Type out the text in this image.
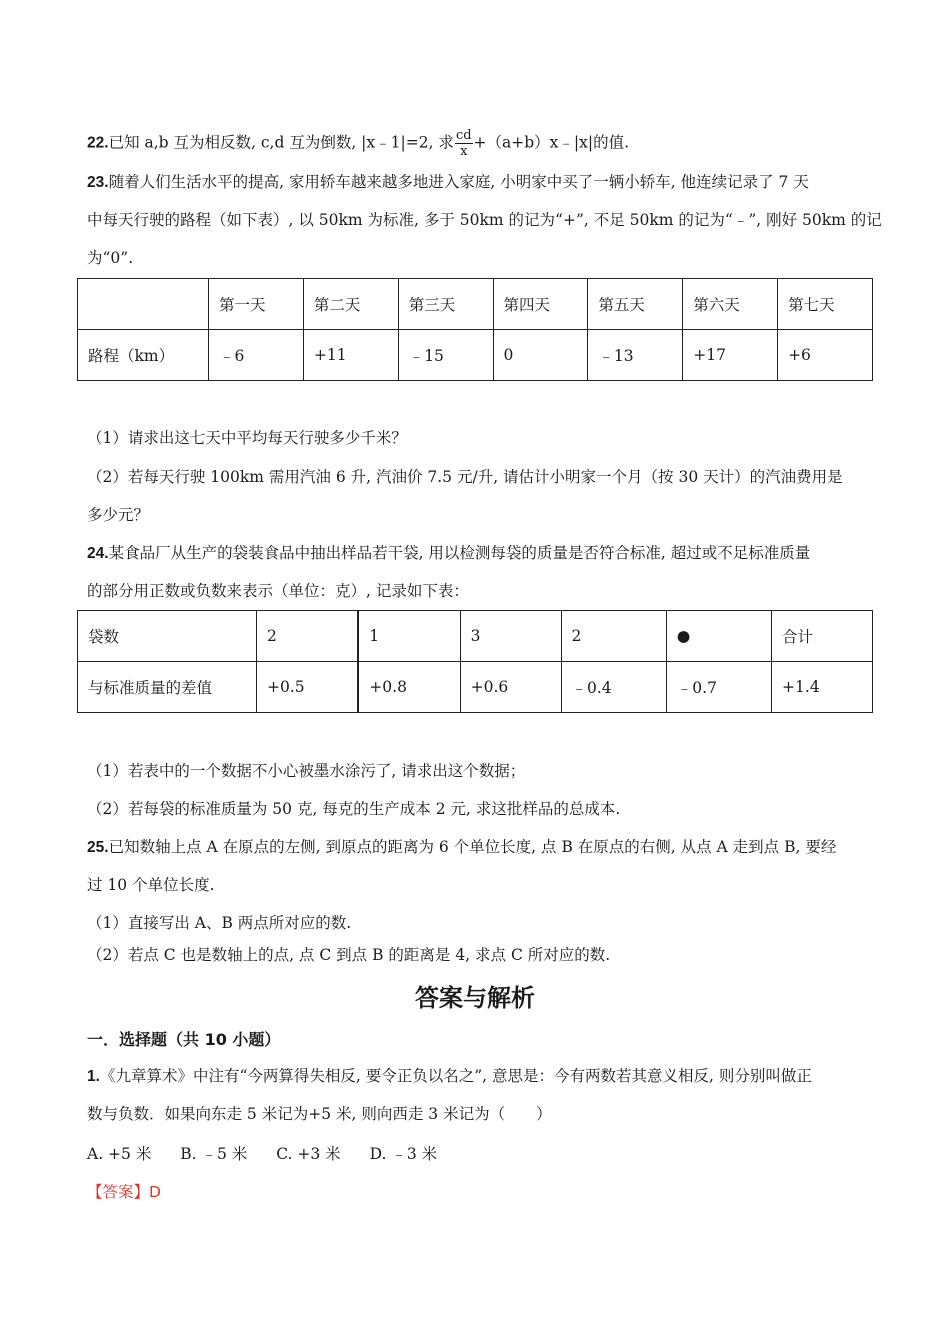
22.已知 a,b 互为相反数, c,d 互为倒数, |x﹣1|=2, 求 $\frac{cd}{x}$ +（a+b）x﹣|x|的值.
23.随着人们生活水平的提高, 家用轿车越来越多地进入家庭, 小明家中买了一辆小轿车, 他连续记录了 7 天
中每天行驶的路程（如下表）, 以 50km 为标准, 多于 50km 的记为“+”, 不足 50km 的记为“﹣”, 刚好 50km 的记
为“0”.
	第一天	第二天	第三天	第四天	第五天	第六天	第七天
路程（km）	﹣6	+11	﹣15	0	﹣13	+17	+6
（1）请求出这七天中平均每天行驶多少千米？
（2）若每天行驶 100km 需用汽油 6 升, 汽油价 7.5 元/升, 请估计小明家一个月（按 30 天计）的汽油费用是
多少元？
24.某食品厂从生产的袋装食品中抽出样品若干袋, 用以检测每袋的质量是否符合标准, 超过或不足标准质量
的部分用正数或负数来表示（单位：克）, 记录如下表：
袋数	2	1	3	2	●	合计
与标准质量的差值	+0.5	+0.8	+0.6	﹣0.4	﹣0.7	+1.4
（1）若表中的一个数据不小心被墨水涂污了, 请求出这个数据；
（2）若每袋的标准质量为 50 克, 每克的生产成本 2 元, 求这批样品的总成本.
25.已知数轴上点 A 在原点的左侧, 到原点的距离为 6 个单位长度, 点 B 在原点的右侧, 从点 A 走到点 B, 要经
过 10 个单位长度.
（1）直接写出 A、B 两点所对应的数.
（2）若点 C 也是数轴上的点, 点 C 到点 B 的距离是 4, 求点 C 所对应的数.
答案与解析
一．选择题（共 10 小题）
1.《九章算术》中注有“今两算得失相反, 要令正负以名之”, 意思是：今有两数若其意义相反, 则分别叫做正
数与负数．如果向东走 5 米记为+5 米, 则向西走 3 米记为（　　）
A. +5 米 B. ﹣5 米 C. +3 米 D. ﹣3 米
【答案】D
